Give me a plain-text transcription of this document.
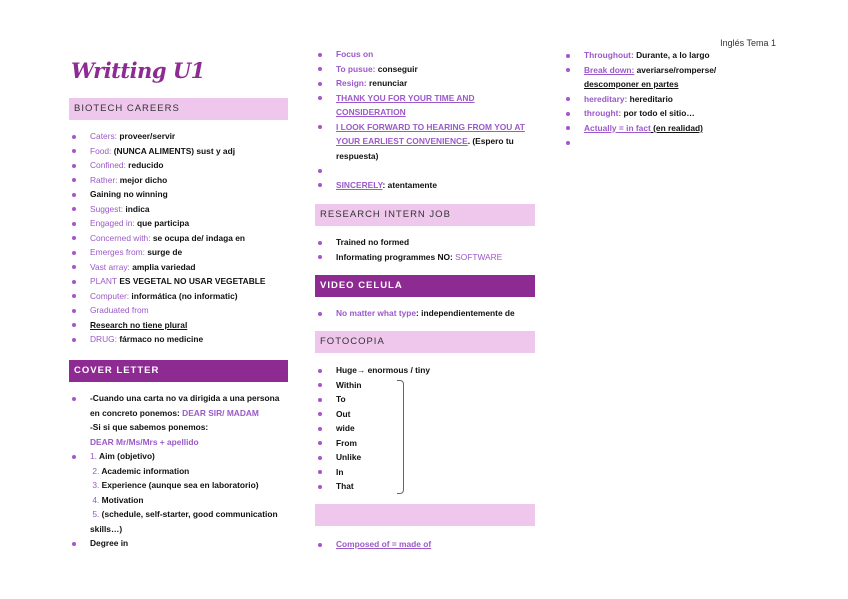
Inglés Tema 1
Writting U1
BIOTECH CAREERS
Caters: proveer/servir
Food: (NUNCA ALIMENTS) sust y adj
Confined: reducido
Rather: mejor dicho
Gaining no winning
Suggest: indica
Engaged in: que participa
Concerned with: se ocupa de/ indaga en
Emerges from: surge de
Vast array: amplia variedad
PLANT ES VEGETAL NO USAR VEGETABLE
Computer: informática (no informatic)
Graduated from
Research no tiene plural
DRUG: fármaco no medicine
COVER LETTER
-Cuando una carta no va dirigida a una persona
en concreto ponemos: DEAR SIR/ MADAM
-Si si que sabemos ponemos:
DEAR Mr/Ms/Mrs + apellido
1. Aim (objetivo)
2. Academic information
3. Experience (aunque sea en laboratorio)
4. Motivation
5. (schedule, self-starter, good communication
skills…)
Degree in
Focus on
To pusue: conseguir
Resign: renunciar
THANK YOU FOR YOUR TIME AND
CONSIDERATION
I LOOK FORWARD TO HEARING FROM YOU AT
YOUR EARLIEST CONVENIENCE. (Espero tu
respuesta)

SINCERELY: atentamente
RESEARCH INTERN JOB
Trained no formed
Informating programmes NO: SOFTWARE
VIDEO CELULA
No matter what type: independientemente de
FOTOCOPIA
Huge→ enormous / tiny
Within
To
Out
wide
From
Unlike
In
That
Composed of = made of
Throughout: Durante, a lo largo
Break down: averiarse/romperse/
descomponer en partes
hereditary: hereditario
throught: por todo el sitio…
Actually = in fact (en realidad)
